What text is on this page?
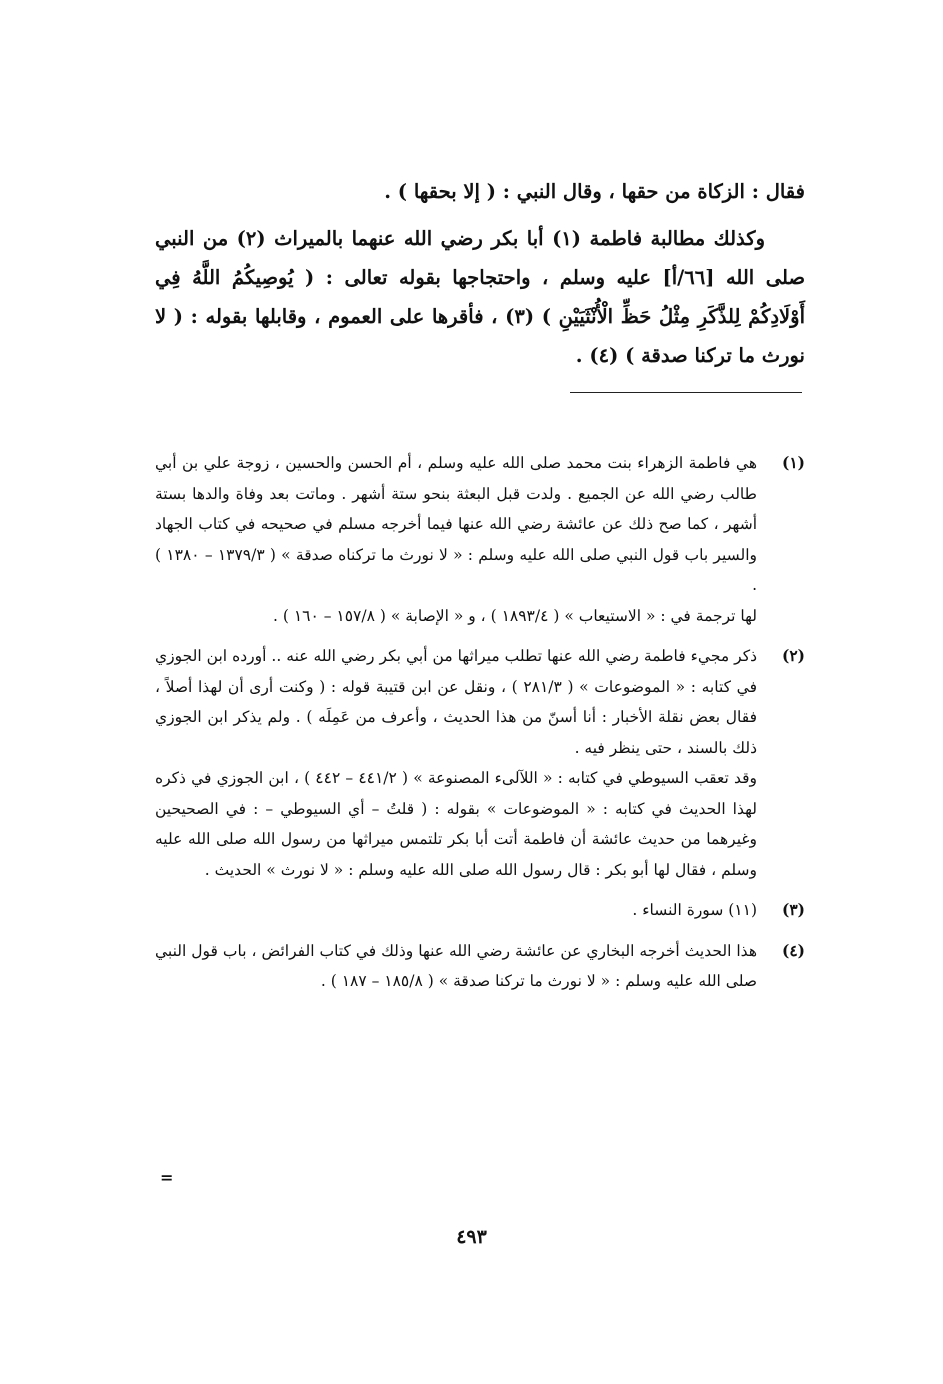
فقال : الزكاة من حقها ، وقال النبي : ( إلا بحقها ) .

وكذلك مطالبة فاطمة (١) أبا بكر رضي الله عنهما بالميراث (٢) من النبي صلى الله [٦٦/أ] عليه وسلم ، واحتجاجها بقوله تعالى : ( يُوصِيكُمُ اللَّهُ فِي أَوْلَادِكُمْ لِلذَّكَرِ مِثْلُ حَظِّ الْأُنْثَيَيْنِ ) (٣) ، فأقرها على العموم ، وقابلها بقوله : ( لا نورث ما تركنا صدقة ) (٤) .

(١)
هي فاطمة الزهراء بنت محمد صلى الله عليه وسلم ، أم الحسن والحسين ، زوجة علي بن أبي طالب رضي الله عن الجميع . ولدت قبل البعثة بنحو ستة أشهر . وماتت بعد وفاة والدها بستة أشهر ، كما صح ذلك عن عائشة رضي الله عنها فيما أخرجه مسلم في صحيحه في كتاب الجهاد والسير باب قول النبي صلى الله عليه وسلم : « لا نورث ما تركناه صدقة » ( ١٣٧٩/٣ – ١٣٨٠ ) .
لها ترجمة في : « الاستيعاب » ( ١٨٩٣/٤ ) ، و « الإصابة » ( ١٥٧/٨ – ١٦٠ ) .
(٢)
ذكر مجيء فاطمة رضي الله عنها تطلب ميراثها من أبي بكر رضي الله عنه .. أورده ابن الجوزي في كتابه : « الموضوعات » ( ٢٨١/٣ ) ، ونقل عن ابن قتيبة قوله : ( وكنت أرى أن لهذا أصلاً ، فقال بعض نقلة الأخبار : أنا أسنّ من هذا الحديث ، وأعرف من عَمِلَه ) . ولم يذكر ابن الجوزي ذلك بالسند ، حتى ينظر فيه .
وقد تعقب السيوطي في كتابه : « اللآلىء المصنوعة » ( ٤٤١/٢ – ٤٤٢ ) ، ابن الجوزي في ذكره لهذا الحديث في كتابه : « الموضوعات » بقوله : ( قلتُ – أي السيوطي – : في الصحيحين وغيرهما من حديث عائشة أن فاطمة أتت أبا بكر تلتمس ميراثها من رسول الله صلى الله عليه وسلم ، فقال لها أبو بكر : قال رسول الله صلى الله عليه وسلم : « لا نورث » الحديث .
(٣)
(١١) سورة النساء .
(٤)
هذا الحديث أخرجه البخاري عن عائشة رضي الله عنها وذلك في كتاب الفرائض ، باب قول النبي صلى الله عليه وسلم : « لا نورث ما تركنا صدقة » ( ١٨٥/٨ – ١٨٧ ) .
=
٤٩٣
